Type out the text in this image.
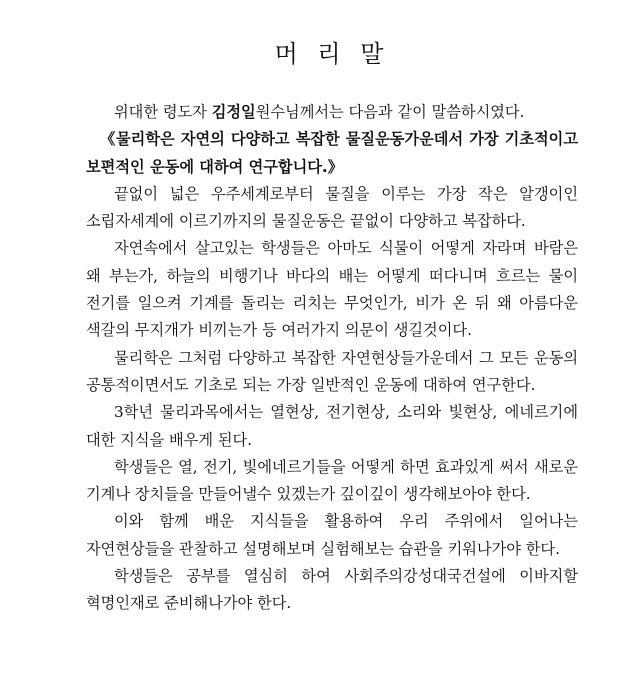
머 리 말

위대한 령도자 김정일원수님께서는 다음과 같이 말씀하시였다.

《물리학은 자연의 다양하고 복잡한 물질운동가운데서 가장 기초적이고 보편적인 운동에 대하여 연구합니다.》

끝없이 넓은 우주세계로부터 물질을 이루는 가장 작은 알갱이인 소립자세계에 이르기까지의 물질운동은 끝없이 다양하고 복잡하다.

자연속에서 살고있는 학생들은 아마도 식물이 어떻게 자라며 바람은 왜 부는가, 하늘의 비행기나 바다의 배는 어떻게 떠다니며 흐르는 물이 전기를 일으켜 기계를 돌리는 리치는 무엇인가, 비가 온 뒤 왜 아름다운 색갈의 무지개가 비끼는가 등 여러가지 의문이 생길것이다.

물리학은 그처럼 다양하고 복잡한 자연현상들가운데서 그 모든 운동의 공통적이면서도 기초로 되는 가장 일반적인 운동에 대하여 연구한다.

3학년 물리과목에서는 열현상, 전기현상, 소리와 빛현상, 에네르기에 대한 지식을 배우게 된다.

학생들은 열, 전기, 빛에네르기들을 어떻게 하면 효과있게 써서 새로운 기계나 장치들을 만들어낼수 있겠는가 깊이깊이 생각해보아야 한다.

이와 함께 배운 지식들을 활용하여 우리 주위에서 일어나는 자연현상들을 관찰하고 설명해보며 실험해보는 습관을 키워나가야 한다.

학생들은 공부를 열심히 하여 사회주의강성대국건설에 이바지할 혁명인재로 준비해나가야 한다.
